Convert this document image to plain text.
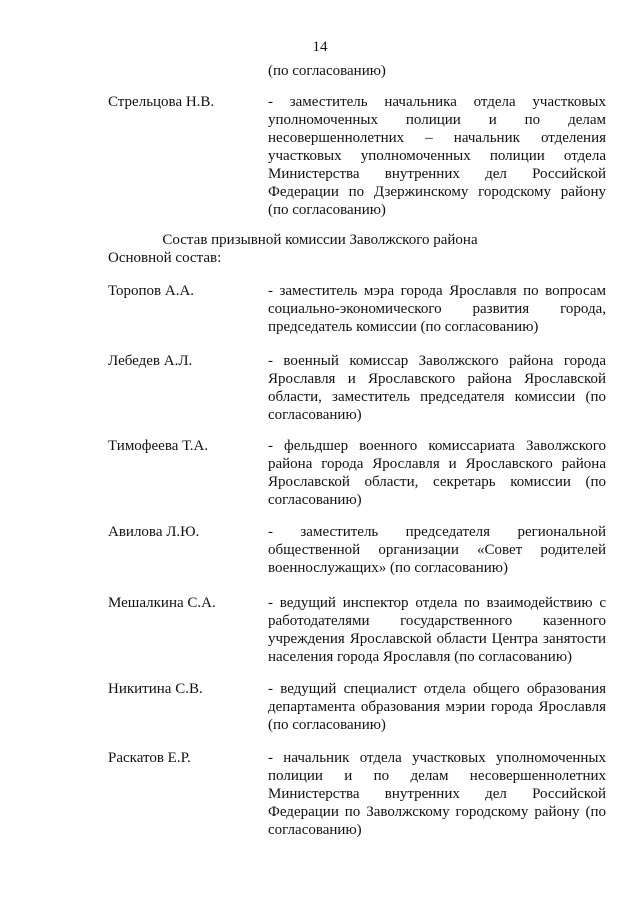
14
(по согласованию)
Стрельцова Н.В.	- заместитель начальника отдела участковых уполномоченных полиции и по делам несовершеннолетних – начальник отделения участковых уполномоченных полиции отдела Министерства внутренних дел Российской Федерации по Дзержинскому городскому району (по согласованию)
Состав призывной комиссии Заволжского района
Основной состав:
Торопов А.А.	- заместитель мэра города Ярославля по вопросам социально-экономического развития города, председатель комиссии (по согласованию)
Лебедев А.Л.	- военный комиссар Заволжского района города Ярославля и Ярославского района Ярославской области, заместитель председателя комиссии (по согласованию)
Тимофеева Т.А.	- фельдшер военного комиссариата Заволжского района города Ярославля и Ярославского района Ярославской области, секретарь комиссии (по согласованию)
Авилова Л.Ю.	- заместитель председателя региональной общественной организации «Совет родителей военнослужащих» (по согласованию)
Мешалкина С.А.	- ведущий инспектор отдела по взаимодействию с работодателями государственного казенного учреждения Ярославской области Центра занятости населения города Ярославля (по согласованию)
Никитина С.В.	- ведущий специалист отдела общего образования департамента образования мэрии города Ярославля (по согласованию)
Раскатов Е.Р.	- начальник отдела участковых уполномоченных полиции и по делам несовершеннолетних Министерства внутренних дел Российской Федерации по Заволжскому городскому району (по согласованию)
